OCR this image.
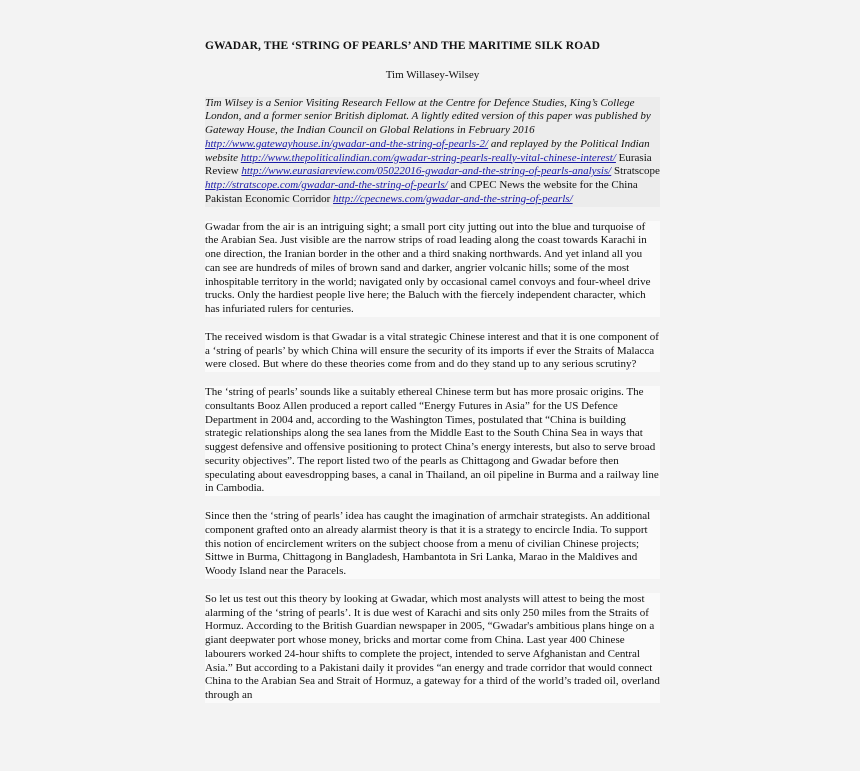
GWADAR, THE ‘STRING OF PEARLS’ AND THE MARITIME SILK ROAD
Tim Willasey-Wilsey
Tim Wilsey is a Senior Visiting Research Fellow at the Centre for Defence Studies, King’s College London, and a former senior British diplomat. A lightly edited version of this paper was published by Gateway House, the Indian Council on Global Relations in February 2016 http://www.gatewayhouse.in/gwadar-and-the-string-of-pearls-2/ and replayed by the Political Indian website http://www.thepoliticalindian.com/gwadar-string-pearls-really-vital-chinese-interest/ Eurasia Review http://www.eurasiareview.com/05022016-gwadar-and-the-string-of-pearls-analysis/ Stratscope http://stratscope.com/gwadar-and-the-string-of-pearls/ and CPEC News the website for the China Pakistan Economic Corridor http://cpecnews.com/gwadar-and-the-string-of-pearls/

Gwadar from the air is an intriguing sight; a small port city jutting out into the blue and turquoise of the Arabian Sea. Just visible are the narrow strips of road leading along the coast towards Karachi in one direction, the Iranian border in the other and a third snaking northwards. And yet inland all you can see are hundreds of miles of brown sand and darker, angrier volcanic hills; some of the most inhospitable territory in the world; navigated only by occasional camel convoys and four-wheel drive trucks. Only the hardiest people live here; the Baluch with the fiercely independent character, which has infuriated rulers for centuries.

The received wisdom is that Gwadar is a vital strategic Chinese interest and that it is one component of a ‘string of pearls’ by which China will ensure the security of its imports if ever the Straits of Malacca were closed. But where do these theories come from and do they stand up to any serious scrutiny?

The ‘string of pearls’ sounds like a suitably ethereal Chinese term but has more prosaic origins. The consultants Booz Allen produced a report called “Energy Futures in Asia” for the US Defence Department in 2004 and, according to the Washington Times, postulated that “China is building strategic relationships along the sea lanes from the Middle East to the South China Sea in ways that suggest defensive and offensive positioning to protect China’s energy interests, but also to serve broad security objectives”. The report listed two of the pearls as Chittagong and Gwadar before then speculating about eavesdropping bases, a canal in Thailand, an oil pipeline in Burma and a railway line in Cambodia.

Since then the ‘string of pearls’ idea has caught the imagination of armchair strategists. An additional component grafted onto an already alarmist theory is that it is a strategy to encircle India. To support this notion of encirclement writers on the subject choose from a menu of civilian Chinese projects; Sittwe in Burma, Chittagong in Bangladesh, Hambantota in Sri Lanka, Marao in the Maldives and Woody Island near the Paracels.

So let us test out this theory by looking at Gwadar, which most analysts will attest to being the most alarming of the ‘string of pearls’. It is due west of Karachi and sits only 250 miles from the Straits of Hormuz. According to the British Guardian newspaper in 2005, “Gwadar's ambitious plans hinge on a giant deepwater port whose money, bricks and mortar come from China. Last year 400 Chinese labourers worked 24-hour shifts to complete the project, intended to serve Afghanistan and Central Asia.” But according to a Pakistani daily it provides “an energy and trade corridor that would connect China to the Arabian Sea and Strait of Hormuz, a gateway for a third of the world’s traded oil, overland through an
